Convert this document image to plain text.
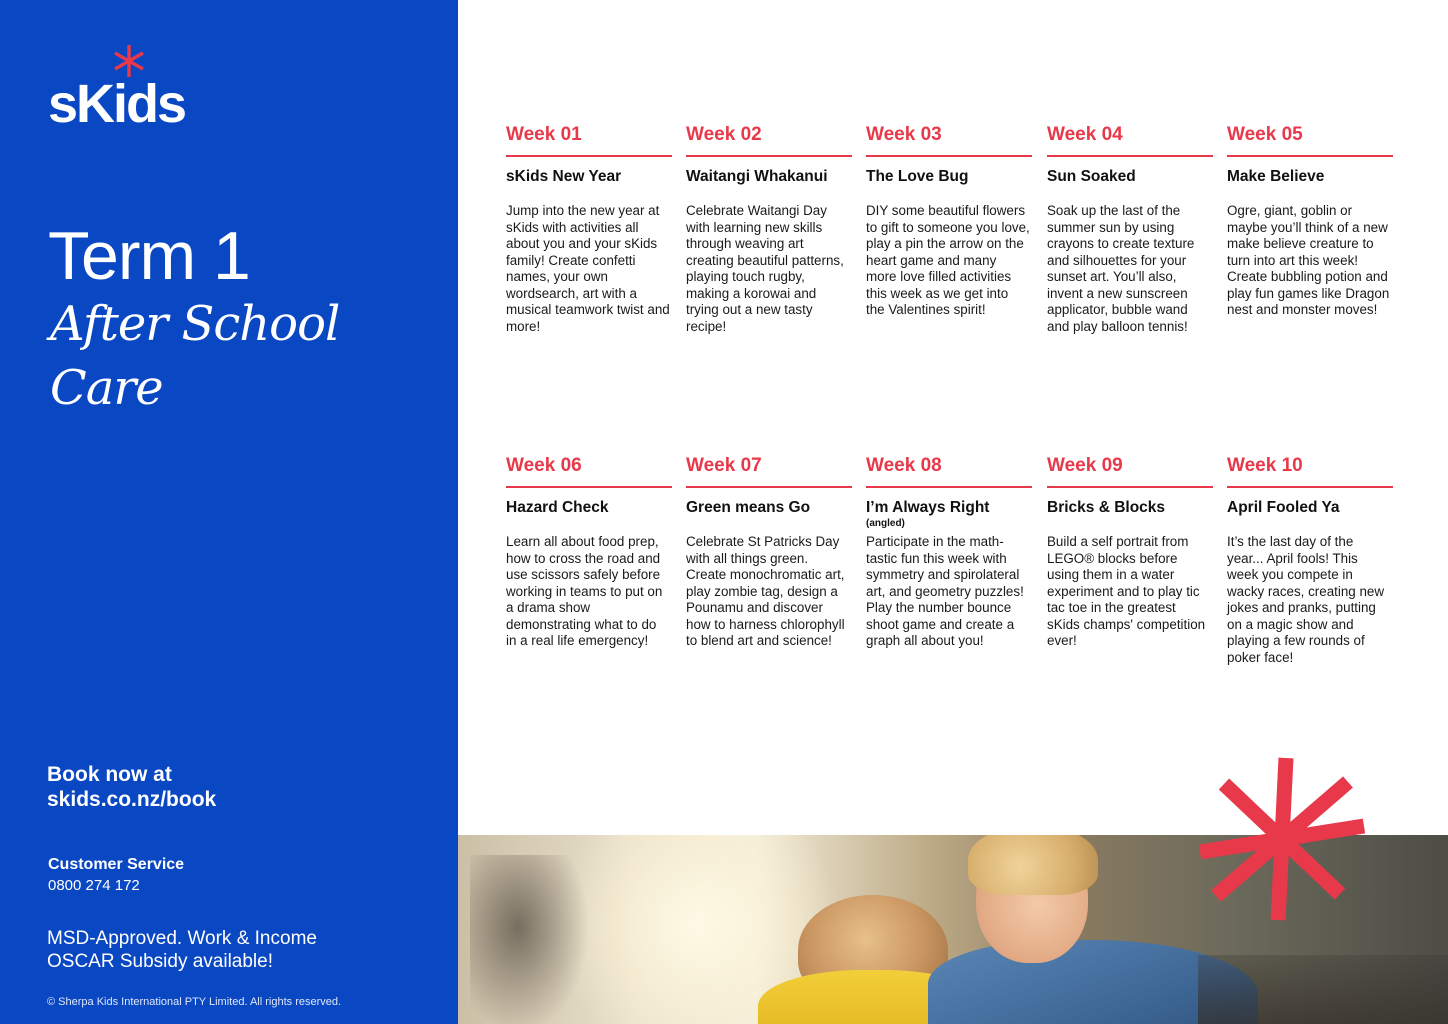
sKids
Term 1
After School Care
Book now at
skids.co.nz/book
Customer Service
0800 274 172
MSD-Approved. Work & Income
OSCAR Subsidy available!
© Sherpa Kids International PTY Limited. All rights reserved.
Week 01
sKids New Year
Jump into the new year at sKids with activities all about you and your sKids family! Create confetti names, your own wordsearch, art with a musical teamwork twist and more!
Week 02
Waitangi Whakanui
Celebrate Waitangi Day with learning new skills through weaving art creating beautiful patterns, playing touch rugby, making a korowai and trying out a new tasty recipe!
Week 03
The Love Bug
DIY some beautiful flowers to gift to someone you love, play a pin the arrow on the heart game and many more love filled activities this week as we get into the Valentines spirit!
Week 04
Sun Soaked
Soak up the last of the summer sun by using crayons to create texture and silhouettes for your sunset art. You’ll also, invent a new sunscreen applicator, bubble wand and play balloon tennis!
Week 05
Make Believe
Ogre, giant, goblin or maybe you’ll think of a new make believe creature to turn into art this week! Create bubbling potion and play fun games like Dragon nest and monster moves!
Week 06
Hazard Check
Learn all about food prep, how to cross the road and use scissors safely before working in teams to put on a drama show demonstrating what to do in a real life emergency!
Week 07
Green means Go
Celebrate St Patricks Day with all things green. Create monochromatic art, play zombie tag, design a Pounamu and discover how to harness chlorophyll to blend art and science!
Week 08
I’m Always Right
(angled)
Participate in the math-tastic fun this week with symmetry and spirolateral art, and geometry puzzles! Play the number bounce shoot game and create a graph all about you!
Week 09
Bricks & Blocks
Build a self portrait from LEGO® blocks before using them in a water experiment and to play tic tac toe in the greatest sKids champs' competition ever!
Week 10
April Fooled Ya
It’s the last day of the year... April fools! This week you compete in wacky races, creating new jokes and pranks, putting on a magic show and playing a few rounds of poker face!
